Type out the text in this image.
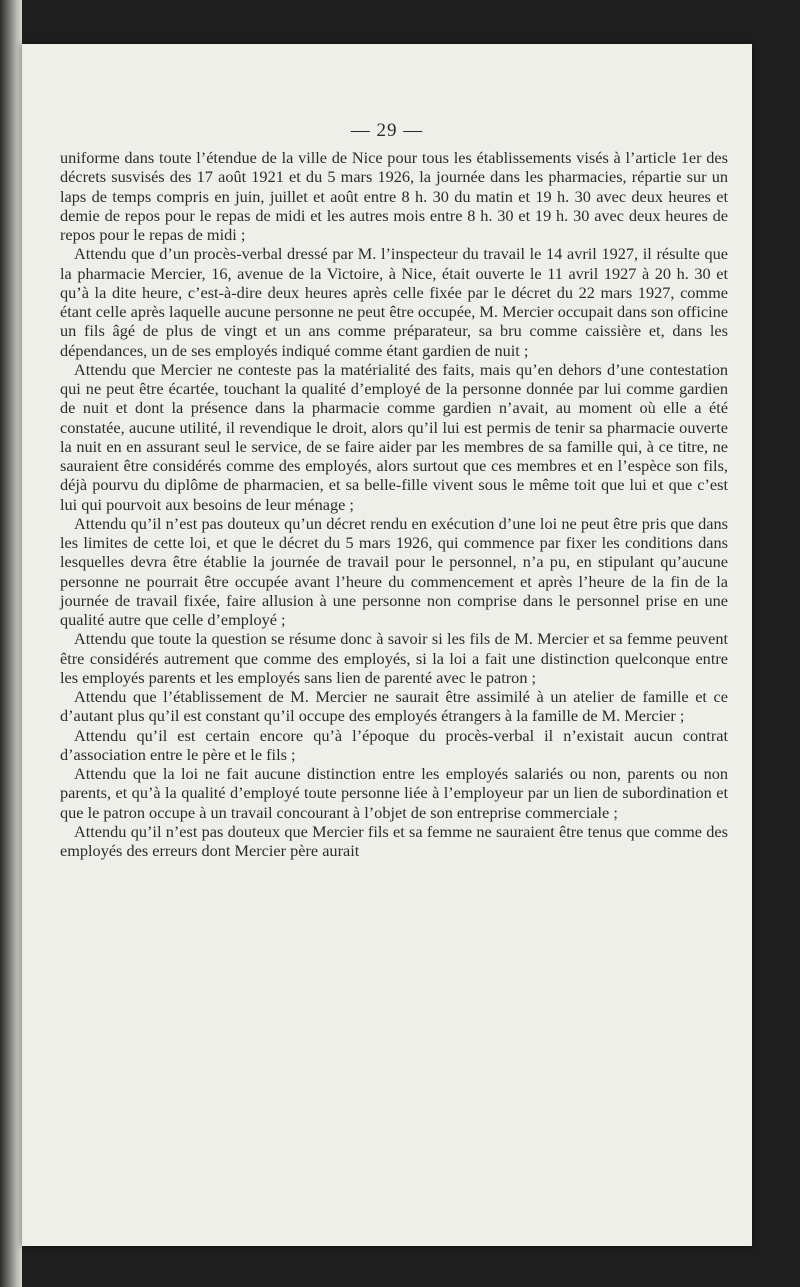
— 29 —

uniforme dans toute l’étendue de la ville de Nice pour tous les établissements visés à l’article 1er des décrets susvisés des 17 août 1921 et du 5 mars 1926, la journée dans les pharmacies, répartie sur un laps de temps compris en juin, juillet et août entre 8 h. 30 du matin et 19 h. 30 avec deux heures et demie de repos pour le repas de midi et les autres mois entre 8 h. 30 et 19 h. 30 avec deux heures de repos pour le repas de midi ;

Attendu que d’un procès-verbal dressé par M. l’inspecteur du travail le 14 avril 1927, il résulte que la pharmacie Mercier, 16, avenue de la Victoire, à Nice, était ouverte le 11 avril 1927 à 20 h. 30 et qu’à la dite heure, c’est-à-dire deux heures après celle fixée par le décret du 22 mars 1927, comme étant celle après laquelle aucune personne ne peut être occupée, M. Mercier occupait dans son officine un fils âgé de plus de vingt et un ans comme préparateur, sa bru comme caissière et, dans les dépendances, un de ses employés indiqué comme étant gardien de nuit ;

Attendu que Mercier ne conteste pas la matérialité des faits, mais qu’en dehors d’une contestation qui ne peut être écartée, touchant la qualité d’employé de la personne donnée par lui comme gardien de nuit et dont la présence dans la pharmacie comme gardien n’avait, au moment où elle a été constatée, aucune utilité, il revendique le droit, alors qu’il lui est permis de tenir sa pharmacie ouverte la nuit en en assurant seul le service, de se faire aider par les membres de sa famille qui, à ce titre, ne sauraient être considérés comme des employés, alors surtout que ces membres et en l’espèce son fils, déjà pourvu du diplôme de pharmacien, et sa belle-fille vivent sous le même toit que lui et que c’est lui qui pourvoit aux besoins de leur ménage ;

Attendu qu’il n’est pas douteux qu’un décret rendu en exécution d’une loi ne peut être pris que dans les limites de cette loi, et que le décret du 5 mars 1926, qui commence par fixer les conditions dans lesquelles devra être établie la journée de travail pour le personnel, n’a pu, en stipulant qu’aucune personne ne pourrait être occupée avant l’heure du commencement et après l’heure de la fin de la journée de travail fixée, faire allusion à une personne non comprise dans le personnel prise en une qualité autre que celle d’employé ;

Attendu que toute la question se résume donc à savoir si les fils de M. Mercier et sa femme peuvent être considérés autrement que comme des employés, si la loi a fait une distinction quelconque entre les employés parents et les employés sans lien de parenté avec le patron ;

Attendu que l’établissement de M. Mercier ne saurait être assimilé à un atelier de famille et ce d’autant plus qu’il est constant qu’il occupe des employés étrangers à la famille de M. Mercier ;

Attendu qu’il est certain encore qu’à l’époque du procès-verbal il n’existait aucun contrat d’association entre le père et le fils ;

Attendu que la loi ne fait aucune distinction entre les employés salariés ou non, parents ou non parents, et qu’à la qualité d’employé toute personne liée à l’employeur par un lien de subordination et que le patron occupe à un travail concourant à l’objet de son entreprise commerciale ;

Attendu qu’il n’est pas douteux que Mercier fils et sa femme ne sauraient être tenus que comme des employés des erreurs dont Mercier père aurait
